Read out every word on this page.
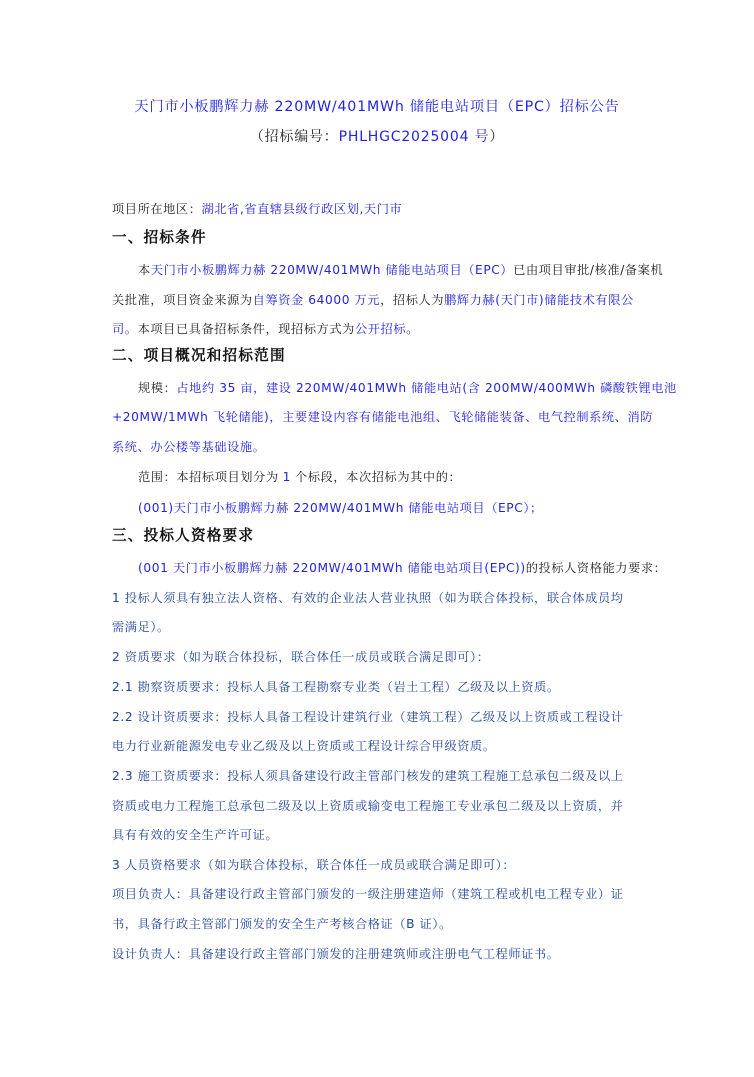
天门市小板鹏辉力赫 220MW/401MWh 储能电站项目（EPC）招标公告
（招标编号：PHLHGC2025004 号）
项目所在地区：湖北省,省直辖县级行政区划,天门市
一、招标条件
本天门市小板鹏辉力赫 220MW/401MWh 储能电站项目（EPC）已由项目审批/核准/备案机
关批准，项目资金来源为自筹资金 64000 万元，招标人为鹏辉力赫(天门市)储能技术有限公
司。本项目已具备招标条件，现招标方式为公开招标。
二、项目概况和招标范围
规模：占地约 35 亩，建设 220MW/401MWh 储能电站(含 200MW/400MWh 磷酸铁锂电池
+20MW/1MWh 飞轮储能)，主要建设内容有储能电池组、飞轮储能装备、电气控制系统、消防
系统、办公楼等基础设施。
范围：本招标项目划分为 1 个标段，本次招标为其中的：
(001)天门市小板鹏辉力赫 220MW/401MWh 储能电站项目（EPC）；
三、投标人资格要求
(001 天门市小板鹏辉力赫 220MW/401MWh 储能电站项目(EPC))的投标人资格能力要求：
1 投标人须具有独立法人资格、有效的企业法人营业执照（如为联合体投标，联合体成员均
需满足）。
2 资质要求（如为联合体投标，联合体任一成员或联合满足即可）：
2.1 勘察资质要求：投标人具备工程勘察专业类（岩土工程）乙级及以上资质。
2.2 设计资质要求：投标人具备工程设计建筑行业（建筑工程）乙级及以上资质或工程设计
电力行业新能源发电专业乙级及以上资质或工程设计综合甲级资质。
2.3 施工资质要求：投标人须具备建设行政主管部门核发的建筑工程施工总承包二级及以上
资质或电力工程施工总承包二级及以上资质或输变电工程施工专业承包二级及以上资质，并
具有有效的安全生产许可证。
3 人员资格要求（如为联合体投标，联合体任一成员或联合满足即可）：
项目负责人：具备建设行政主管部门颁发的一级注册建造师（建筑工程或机电工程专业）证
书，具备行政主管部门颁发的安全生产考核合格证（B 证）。
设计负责人：具备建设行政主管部门颁发的注册建筑师或注册电气工程师证书。
